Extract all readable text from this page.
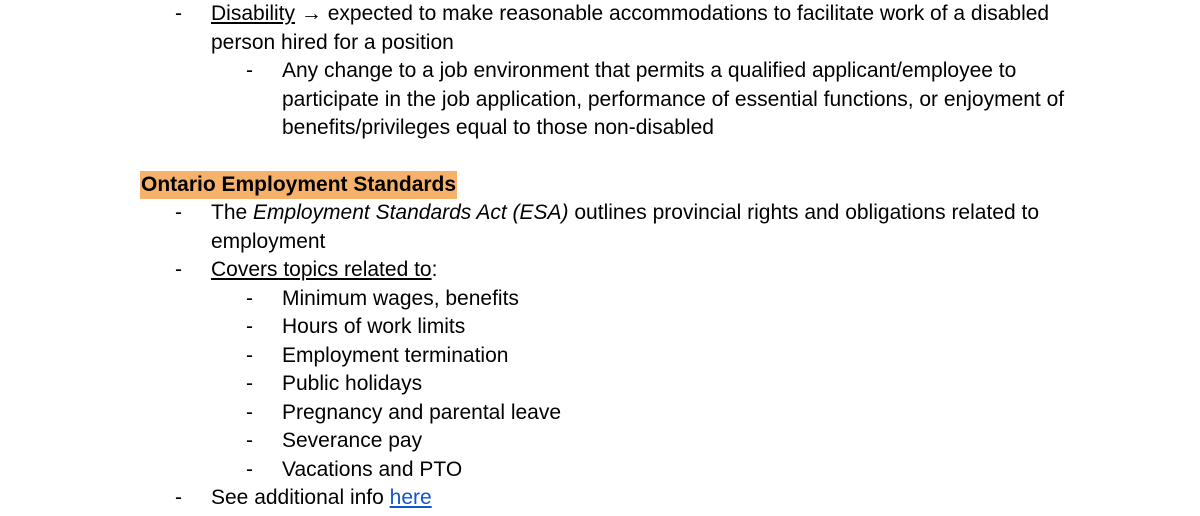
-	Disability → expected to make reasonable accommodations to facilitate work of a disabled person hired for a position
-	Any change to a job environment that permits a qualified applicant/employee to participate in the job application, performance of essential functions, or enjoyment of benefits/privileges equal to those non-disabled
Ontario Employment Standards
-	The Employment Standards Act (ESA) outlines provincial rights and obligations related to employment
-	Covers topics related to:
-	Minimum wages, benefits
-	Hours of work limits
-	Employment termination
-	Public holidays
-	Pregnancy and parental leave
-	Severance pay
-	Vacations and PTO
-	See additional info here
